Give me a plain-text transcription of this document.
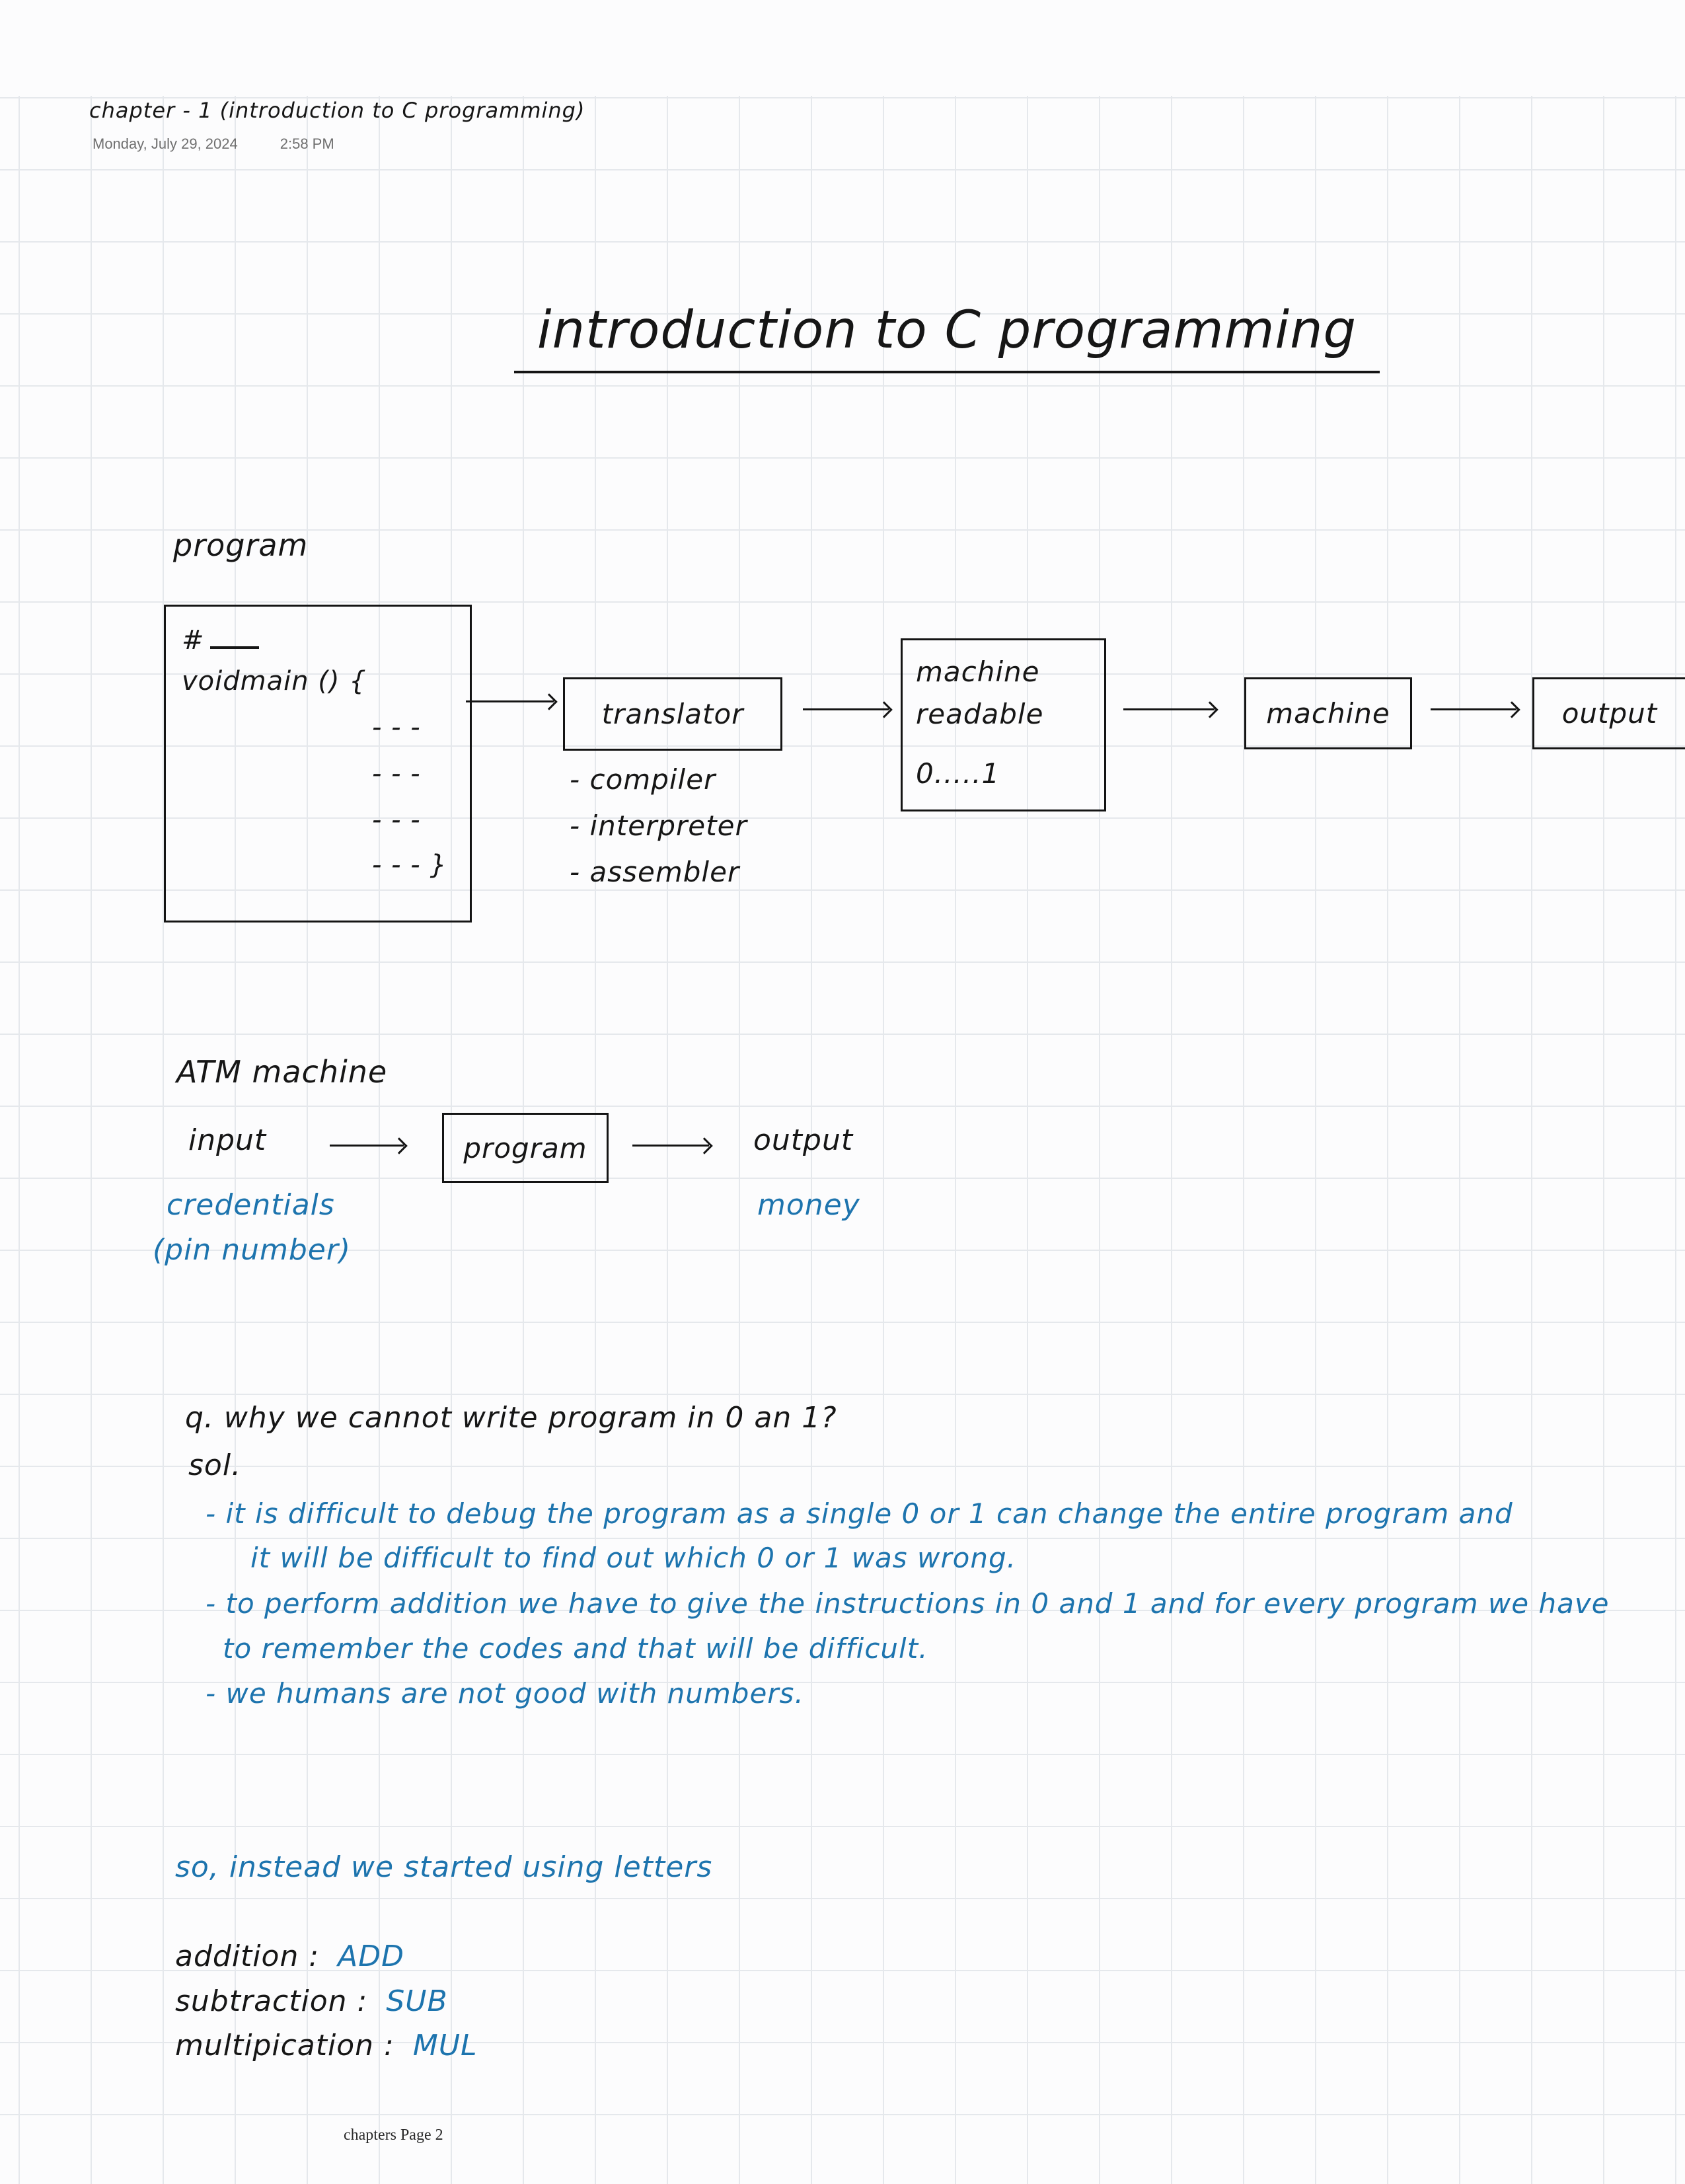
chapter - 1 (introduction to C programming)
Monday, July 29, 2024	2:58 PM
introduction to C programming
program
#
voidmain () {
- - -
- - -
- - -
- - - }
translator
- compiler
- interpreter
- assembler
machine
readable
0.....1
machine	output
ATM machine
input	program	output
credentials
(pin number)
money
q. why we cannot write program in 0 an 1?
sol.
- it is difficult to debug the program as a single 0 or 1 can change the entire program and
it will be difficult to find out which 0 or 1 was wrong.
- to perform addition we have to give the instructions in 0 and 1 and for every program we have
to remember the codes and that will be difficult.
- we humans are not good with numbers.
so, instead we started using letters
addition : ADD
subtraction : SUB
multipication : MUL
chapters Page 2
